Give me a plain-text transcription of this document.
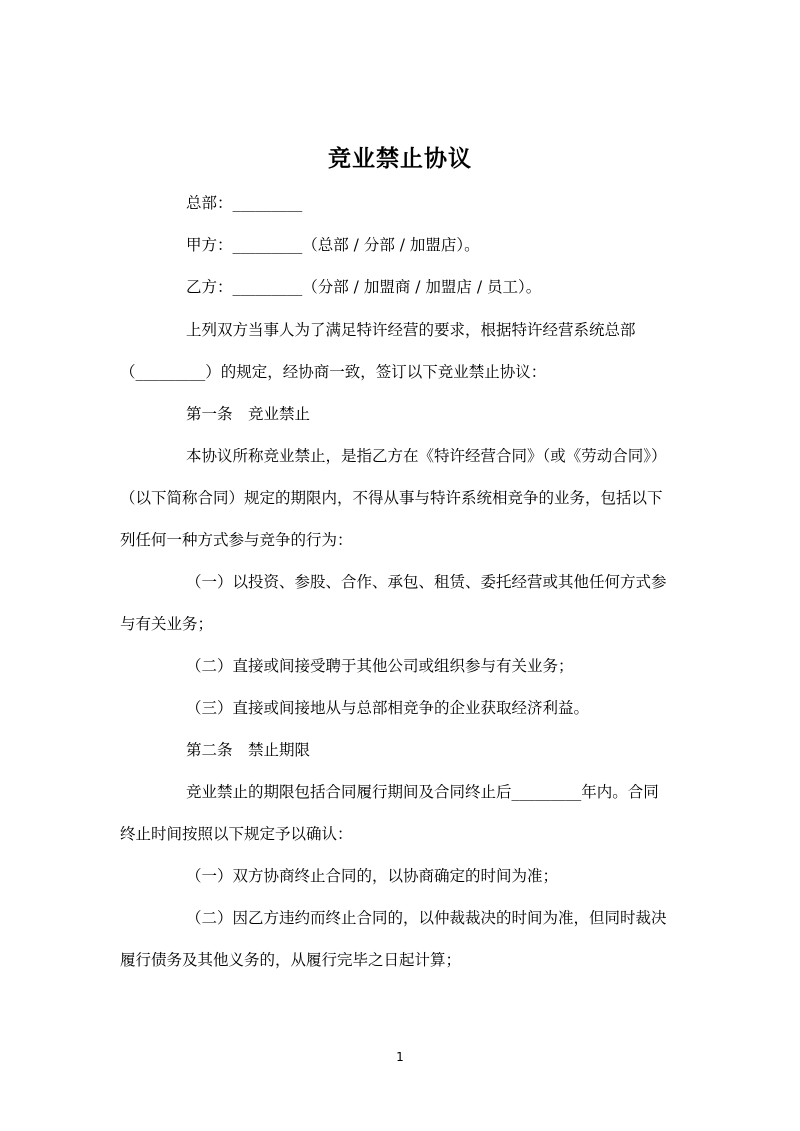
竞业禁止协议
总部：_________
甲方：_________（总部 / 分部 / 加盟店）。
乙方：_________（分部 / 加盟商 / 加盟店 / 员工）。
上列双方当事人为了满足特许经营的要求，根据特许经营系统总部
（_________）的规定，经协商一致，签订以下竞业禁止协议：
第一条　竞业禁止
本协议所称竞业禁止，是指乙方在《特许经营合同》（或《劳动合同》）
（以下简称合同）规定的期限内，不得从事与特许系统相竞争的业务，包括以下
列任何一种方式参与竞争的行为：
（一）以投资、参股、合作、承包、租赁、委托经营或其他任何方式参
与有关业务；
（二）直接或间接受聘于其他公司或组织参与有关业务；
（三）直接或间接地从与总部相竞争的企业获取经济利益。
第二条　禁止期限
竞业禁止的期限包括合同履行期间及合同终止后_________年内。合同
终止时间按照以下规定予以确认：
（一）双方协商终止合同的，以协商确定的时间为准；
（二）因乙方违约而终止合同的，以仲裁裁决的时间为准，但同时裁决
履行债务及其他义务的，从履行完毕之日起计算；
1
